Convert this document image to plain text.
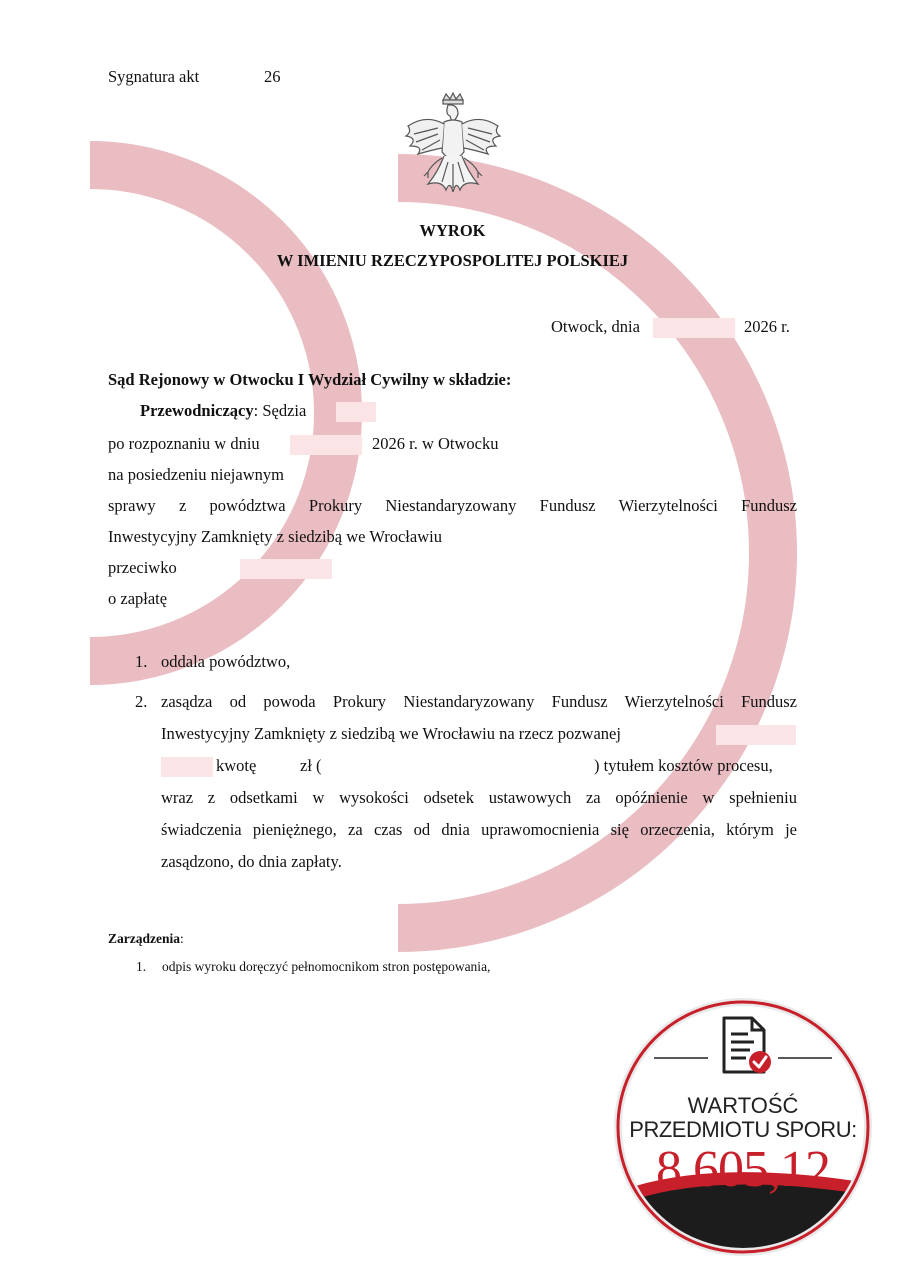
Sygnatura akt	26
WYROK
W IMIENIU RZECZYPOSPOLITEJ POLSKIEJ
Otwock, dnia	2026 r.
Sąd Rejonowy w Otwocku I Wydział Cywilny w składzie:
Przewodniczący: Sędzia
po rozpoznaniu w dniu	2026 r. w Otwocku
na posiedzeniu niejawnym
sprawy z powództwa Prokury Niestandaryzowany Fundusz Wierzytelności Fundusz
Inwestycyjny Zamknięty z siedzibą we Wrocławiu
przeciwko
o zapłatę
1. oddala powództwo,
2. zasądza od powoda Prokury Niestandaryzowany Fundusz Wierzytelności Fundusz
Inwestycyjny Zamknięty z siedzibą we Wrocławiu na rzecz pozwanej
kwotę	zł (	) tytułem kosztów procesu,
wraz z odsetkami w wysokości odsetek ustawowych za opóźnienie w spełnieniu
świadczenia pieniężnego, za czas od dnia uprawomocnienia się orzeczenia, którym je
zasądzono, do dnia zapłaty.
Zarządzenia:
1. odpis wyroku doręczyć pełnomocnikom stron postępowania,
WARTOŚĆ
PRZEDMIOTU SPORU:
8.605,12
